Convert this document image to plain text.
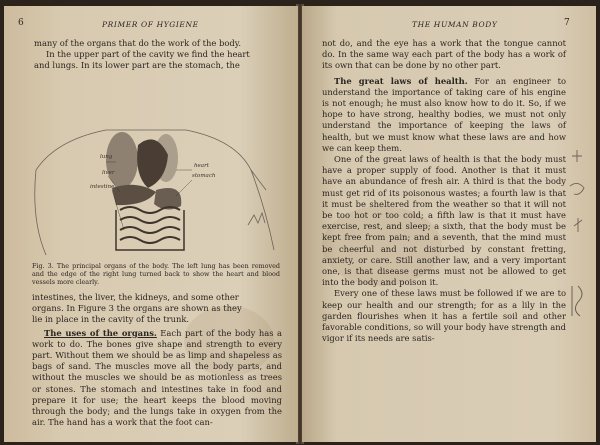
6	PRIMER OF HYGIENE

many of the organs that do the work of the body.

In the upper part of the cavity we find the heart

and lungs. In its lower part are the stomach, the

lung
liver
intestine
heart
stomach
Fig. 3. The principal organs of the body. The left lung has been removed and the edge of the right lung turned back to show the heart and blood vessels more clearly.

intestines, the liver, the kidneys, and some other

organs. In Figure 3 the organs are shown as they

lie in place in the cavity of the trunk.

The uses of the organs. Each part of the body has a work to do. The bones give shape and strength to every part. Without them we should be as limp and shapeless as bags of sand. The muscles move all the body parts, and without the muscles we should be as motionless as trees or stones. The stomach and intestines take in food and prepare it for use; the heart keeps the blood moving through the body; and the lungs take in oxygen from the air. The hand has a work that the foot can-

THE HUMAN BODY	7

not do, and the eye has a work that the tongue cannot do. In the same way each part of the body has a work of its own that can be done by no other part.

The great laws of health. For an engineer to understand the importance of taking care of his engine is not enough; he must also know how to do it. So, if we hope to have strong, healthy bodies, we must not only understand the importance of keeping the laws of health, but we must know what these laws are and how we can keep them.

One of the great laws of health is that the body must have a proper supply of food. Another is that it must have an abundance of fresh air. A third is that the body must get rid of its poisonous wastes; a fourth law is that it must be sheltered from the weather so that it will not be too hot or too cold; a fifth law is that it must have exercise, rest, and sleep; a sixth, that the body must be kept free from pain; and a seventh, that the mind must be cheerful and not disturbed by constant fretting, anxiety, or care. Still another law, and a very important one, is that disease germs must not be allowed to get into the body and poison it.

Every one of these laws must be followed if we are to keep our health and our strength; for as a lily in the garden flourishes when it has a fertile soil and other favorable conditions, so will your body have strength and vigor if its needs are satis-
